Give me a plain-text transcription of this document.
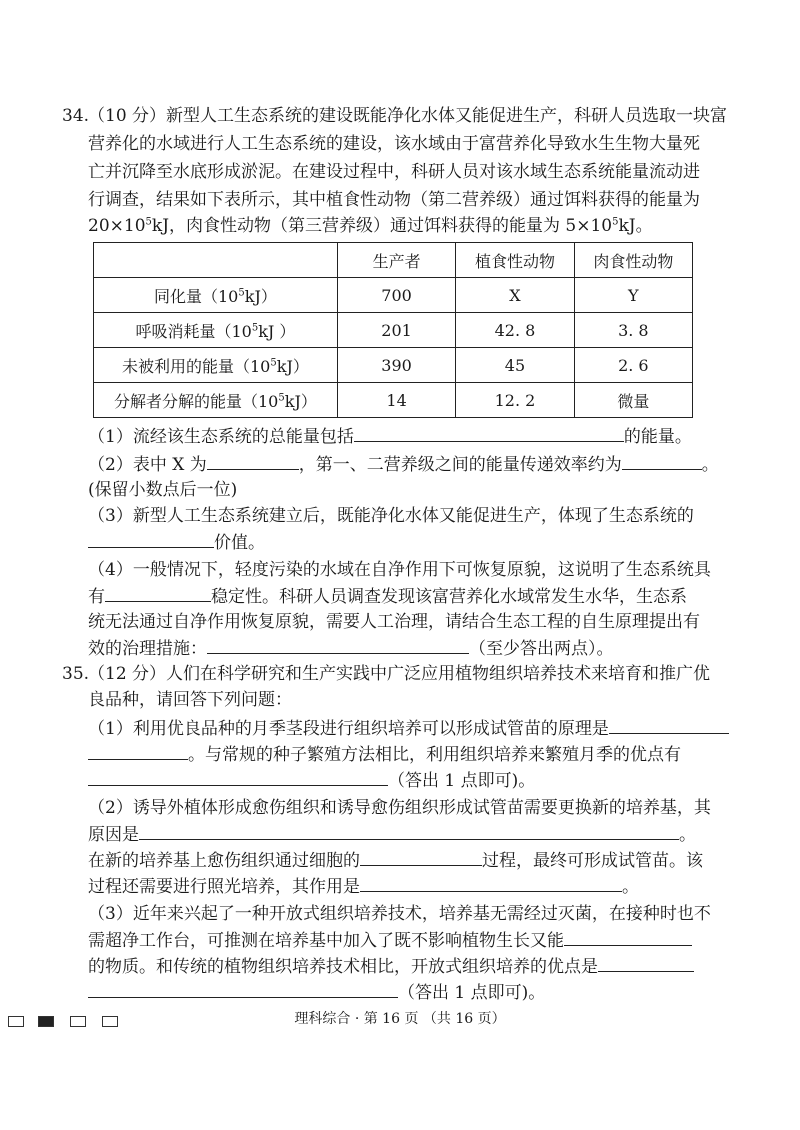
34.
（10 分）新型人工生态系统的建设既能净化水体又能促进生产，科研人员选取一块富
营养化的水域进行人工生态系统的建设，该水域由于富营养化导致水生生物大量死
亡并沉降至水底形成淤泥。在建设过程中，科研人员对该水域生态系统能量流动进
行调查，结果如下表所示，其中植食性动物（第二营养级）通过饵料获得的能量为
$20\times 10^5kJ$，肉食性动物（第三营养级）通过饵料获得的能量为 $5\times 10^5kJ$。
	生产者	植食性动物	肉食性动物
同化量$(10^5kJ)$	700	X	Y
呼吸消耗量（$10^5kJ$ ）	201	42. 8	3. 8
未被利用的能量$(10^5kJ)$	390	45	2. 6
分解者分解的能量$(10^5kJ)$	14	12. 2	微量
（1）流经该生态系统的总能量包括	的能量。
（2）表中 X 为	，第一、二营养级之间的能量传递效率约为	。
(保留小数点后一位)
（3）新型人工生态系统建立后，既能净化水体又能促进生产，体现了生态系统的
价值。
（4）一般情况下，轻度污染的水域在自净作用下可恢复原貌，这说明了生态系统具
有	稳定性。科研人员调查发现该富营养化水域常发生水华，生态系
统无法通过自净作用恢复原貌，需要人工治理，请结合生态工程的自生原理提出有
效的治理措施：	（至少答出两点）。
35.
（12 分）人们在科学研究和生产实践中广泛应用植物组织培养技术来培育和推广优
良品种，请回答下列问题：
（1）利用优良品种的月季茎段进行组织培养可以形成试管苗的原理是
。与常规的种子繁殖方法相比，利用组织培养来繁殖月季的优点有
（答出 1 点即可)。
（2）诱导外植体形成愈伤组织和诱导愈伤组织形成试管苗需要更换新的培养基，其
原因是	。
在新的培养基上愈伤组织通过细胞的	过程，最终可形成试管苗。该
过程还需要进行照光培养，其作用是	。
（3）近年来兴起了一种开放式组织培养技术，培养基无需经过灭菌，在接种时也不
需超净工作台，可推测在培养基中加入了既不影响植物生长又能
的物质。和传统的植物组织培养技术相比，开放式组织培养的优点是
（答出 1 点即可)。
理科综合 · 第 16 页 （共 16 页）
